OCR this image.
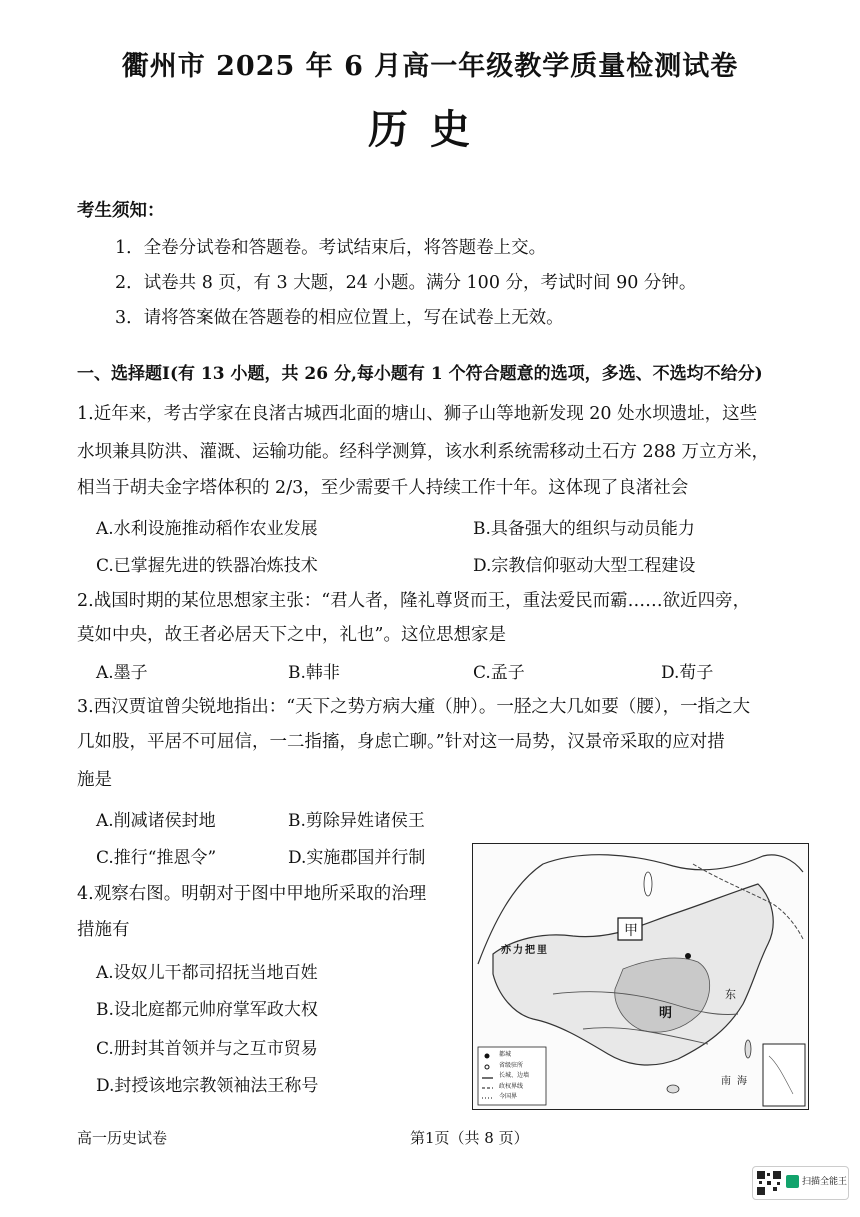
衢州市 2025 年 6 月高一年级教学质量检测试卷
历史
考生须知：
1．全卷分试卷和答题卷。考试结束后，将答题卷上交。
2．试卷共 8 页，有 3 大题，24 小题。满分 100 分，考试时间 90 分钟。
3．请将答案做在答题卷的相应位置上，写在试卷上无效。
一、选择题Ⅰ(有 13 小题，共 26 分,每小题有 1 个符合题意的选项，多选、不选均不给分)
1.近年来，考古学家在良渚古城西北面的塘山、狮子山等地新发现 20 处水坝遗址，这些
水坝兼具防洪、灌溉、运输功能。经科学测算，该水利系统需移动土石方 288 万立方米，
相当于胡夫金字塔体积的 2/3，至少需要千人持续工作十年。这体现了良渚社会
A.水利设施推动稻作农业发展	B.具备强大的组织与动员能力
C.已掌握先进的铁器冶炼技术	D.宗教信仰驱动大型工程建设
2.战国时期的某位思想家主张：“君人者，隆礼尊贤而王，重法爱民而霸……欲近四旁，
莫如中央，故王者必居天下之中，礼也”。这位思想家是
A.墨子	B.韩非	C.孟子	D.荀子
3.西汉贾谊曾尖锐地指出：“天下之势方病大瘇（肿）。一胫之大几如要（腰），一指之大
几如股，平居不可屈信，一二指搐，身虑亡聊。”针对这一局势，汉景帝采取的应对措
施是
A.削减诸侯封地	B.剪除异姓诸侯王
C.推行“推恩令”	D.实施郡国并行制
4.观察右图。明朝对于图中甲地所采取的治理
措施有
A.设奴儿干都司招抚当地百姓
B.设北庭都元帅府掌军政大权
C.册封其首领并与之互市贸易
D.封授该地宗教领袖法王称号
甲
亦力把里
明
东
南海
都城
省级驻所
长城、边墙
政权界线
今国界
高一历史试卷	第1页（共 8 页）
扫描全能王
